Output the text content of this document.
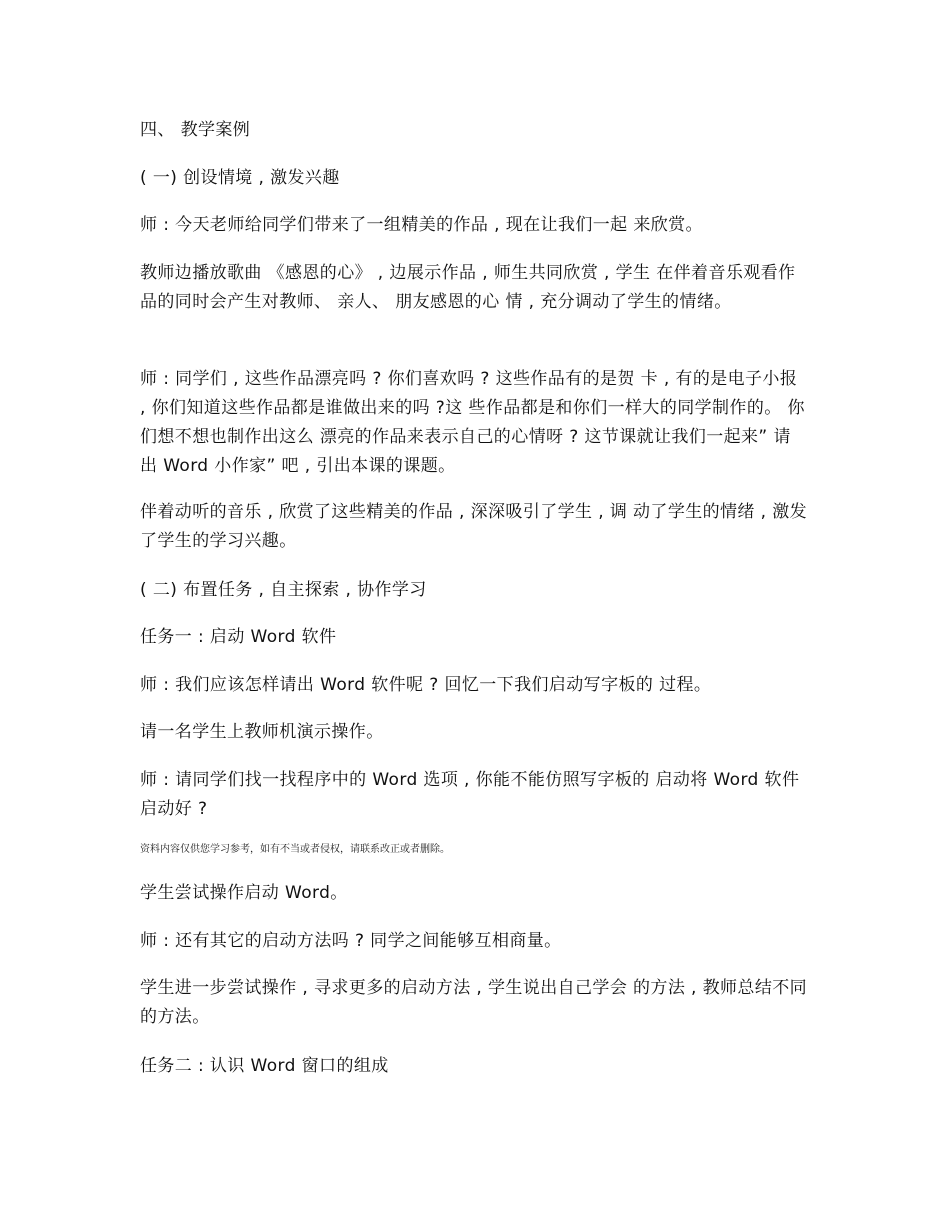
四、 教学案例
( 一) 创设情境 , 激发兴趣
师 : 今天老师给同学们带来了一组精美的作品 , 现在让我们一起 来欣赏。
教师边播放歌曲 《感恩的心》 , 边展示作品 , 师生共同欣赏 , 学生 在伴着音乐观看作品的同时会产生对教师、 亲人、 朋友感恩的心 情 , 充分调动了学生的情绪。
师 : 同学们 , 这些作品漂亮吗 ? 你们喜欢吗 ? 这些作品有的是贺 卡 , 有的是电子小报 , 你们知道这些作品都是谁做出来的吗 ?这 些作品都是和你们一样大的同学制作的。 你们想不想也制作出这么 漂亮的作品来表示自己的心情呀 ? 这节课就让我们一起来” 请出 Word 小作家” 吧 , 引出本课的课题。
伴着动听的音乐 , 欣赏了这些精美的作品 , 深深吸引了学生 , 调 动了学生的情绪 , 激发了学生的学习兴趣。
( 二) 布置任务 , 自主探索 , 协作学习
任务一 : 启动 Word 软件
师 : 我们应该怎样请出 Word 软件呢 ? 回忆一下我们启动写字板的 过程。
请一名学生上教师机演示操作。
师 : 请同学们找一找程序中的 Word 选项 , 你能不能仿照写字板的 启动将 Word 软件启动好 ?
资料内容仅供您学习参考，如有不当或者侵权，请联系改正或者删除。
学生尝试操作启动 Word。
师 : 还有其它的启动方法吗 ? 同学之间能够互相商量。
学生进一步尝试操作 , 寻求更多的启动方法 , 学生说出自己学会 的方法 , 教师总结不同的方法。
任务二 : 认识 Word 窗口的组成
